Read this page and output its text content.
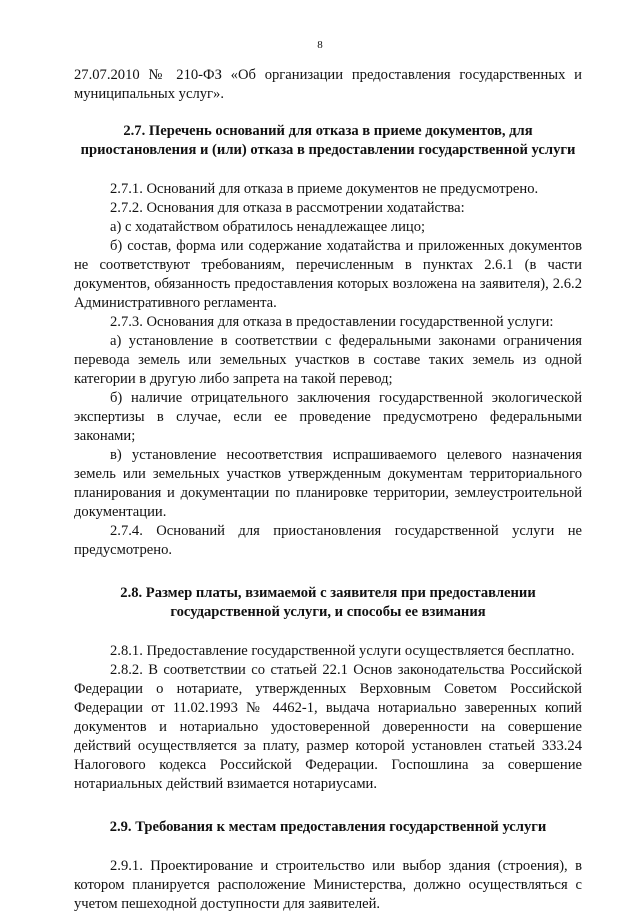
8

27.07.2010 № 210-ФЗ «Об организации предоставления государственных и муниципальных услуг».

2.7. Перечень оснований для отказа в приеме документов, для приостановления и (или) отказа в предоставлении государственной услуги

2.7.1. Оснований для отказа в приеме документов не предусмотрено.

2.7.2. Основания для отказа в рассмотрении ходатайства:

а) с ходатайством обратилось ненадлежащее лицо;

б) состав, форма или содержание ходатайства и приложенных документов не соответствуют требованиям, перечисленным в пунктах 2.6.1 (в части документов, обязанность предоставления которых возложена на заявителя), 2.6.2 Административного регламента.

2.7.3. Основания для отказа в предоставлении государственной услуги:

а) установление в соответствии с федеральными законами ограничения перевода земель или земельных участков в составе таких земель из одной категории в другую либо запрета на такой перевод;

б) наличие отрицательного заключения государственной экологической экспертизы в случае, если ее проведение предусмотрено федеральными законами;

в) установление несоответствия испрашиваемого целевого назначения земель или земельных участков утвержденным документам территориального планирования и документации по планировке территории, землеустроительной документации.

2.7.4. Оснований для приостановления государственной услуги не предусмотрено.

2.8. Размер платы, взимаемой с заявителя при предоставлении государственной услуги, и способы ее взимания

2.8.1. Предоставление государственной услуги осуществляется бесплатно.

2.8.2. В соответствии со статьей 22.1 Основ законодательства Российской Федерации о нотариате, утвержденных Верховным Советом Российской Федерации от 11.02.1993 № 4462-1, выдача нотариально заверенных копий документов и нотариально удостоверенной доверенности на совершение действий осуществляется за плату, размер которой установлен статьей 333.24 Налогового кодекса Российской Федерации. Госпошлина за совершение нотариальных действий взимается нотариусами.

2.9. Требования к местам предоставления государственной услуги

2.9.1. Проектирование и строительство или выбор здания (строения), в котором планируется расположение Министерства, должно осуществляться с учетом пешеходной доступности для заявителей.
